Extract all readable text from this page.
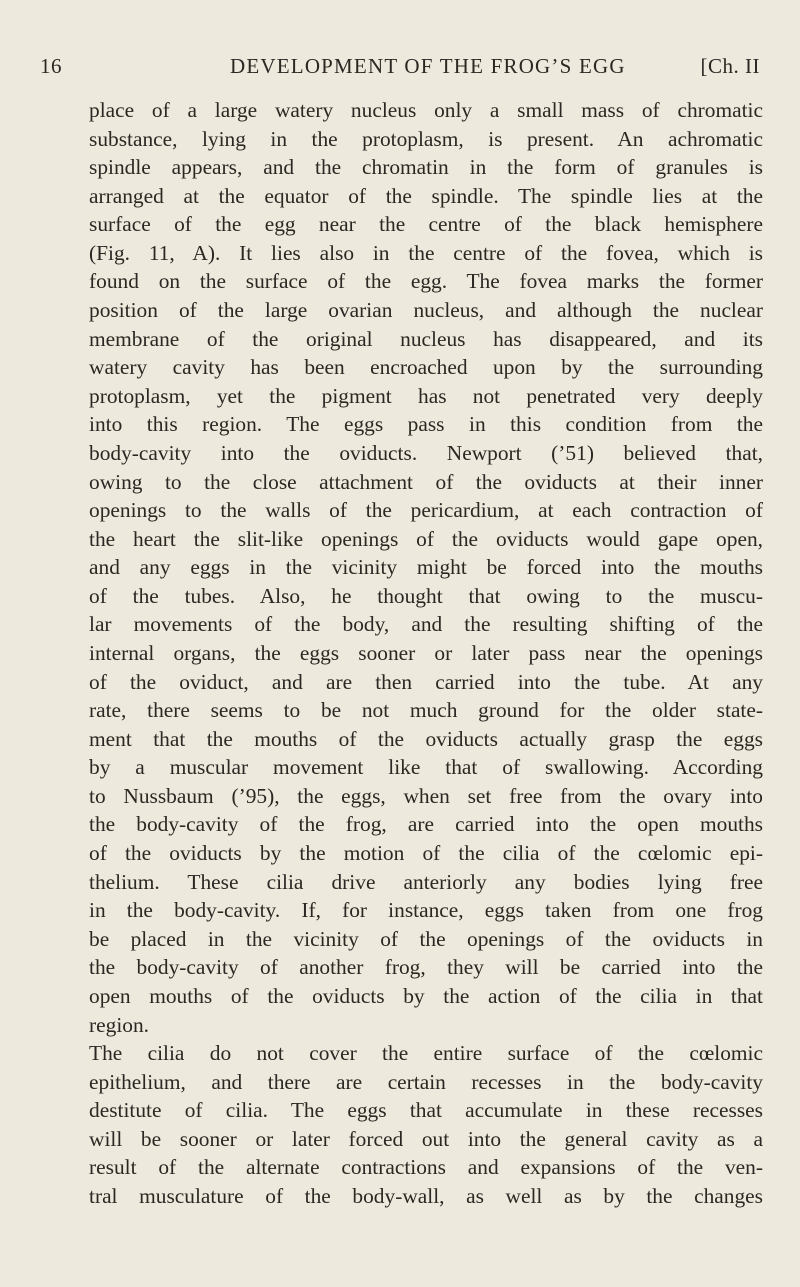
16	DEVELOPMENT OF THE FROG’S EGG	[Ch. II
place of a large watery nucleus only a small mass of chromatic
substance, lying in the protoplasm, is present. An achromatic
spindle appears, and the chromatin in the form of granules is
arranged at the equator of the spindle. The spindle lies at the
surface of the egg near the centre of the black hemisphere
(Fig. 11, A). It lies also in the centre of the fovea, which is
found on the surface of the egg. The fovea marks the former
position of the large ovarian nucleus, and although the nuclear
membrane of the original nucleus has disappeared, and its
watery cavity has been encroached upon by the surrounding
protoplasm, yet the pigment has not penetrated very deeply
into this region. The eggs pass in this condition from the
body-cavity into the oviducts. Newport (’51) believed that,
owing to the close attachment of the oviducts at their inner
openings to the walls of the pericardium, at each contraction of
the heart the slit-like openings of the oviducts would gape open,
and any eggs in the vicinity might be forced into the mouths
of the tubes. Also, he thought that owing to the muscu-
lar movements of the body, and the resulting shifting of the
internal organs, the eggs sooner or later pass near the openings
of the oviduct, and are then carried into the tube. At any
rate, there seems to be not much ground for the older state-
ment that the mouths of the oviducts actually grasp the eggs
by a muscular movement like that of swallowing. According
to Nussbaum (’95), the eggs, when set free from the ovary into
the body-cavity of the frog, are carried into the open mouths
of the oviducts by the motion of the cilia of the cœlomic epi-
thelium. These cilia drive anteriorly any bodies lying free
in the body-cavity. If, for instance, eggs taken from one frog
be placed in the vicinity of the openings of the oviducts in
the body-cavity of another frog, they will be carried into the
open mouths of the oviducts by the action of the cilia in that
region.
The cilia do not cover the entire surface of the cœlomic
epithelium, and there are certain recesses in the body-cavity
destitute of cilia. The eggs that accumulate in these recesses
will be sooner or later forced out into the general cavity as a
result of the alternate contractions and expansions of the ven-
tral musculature of the body-wall, as well as by the changes
